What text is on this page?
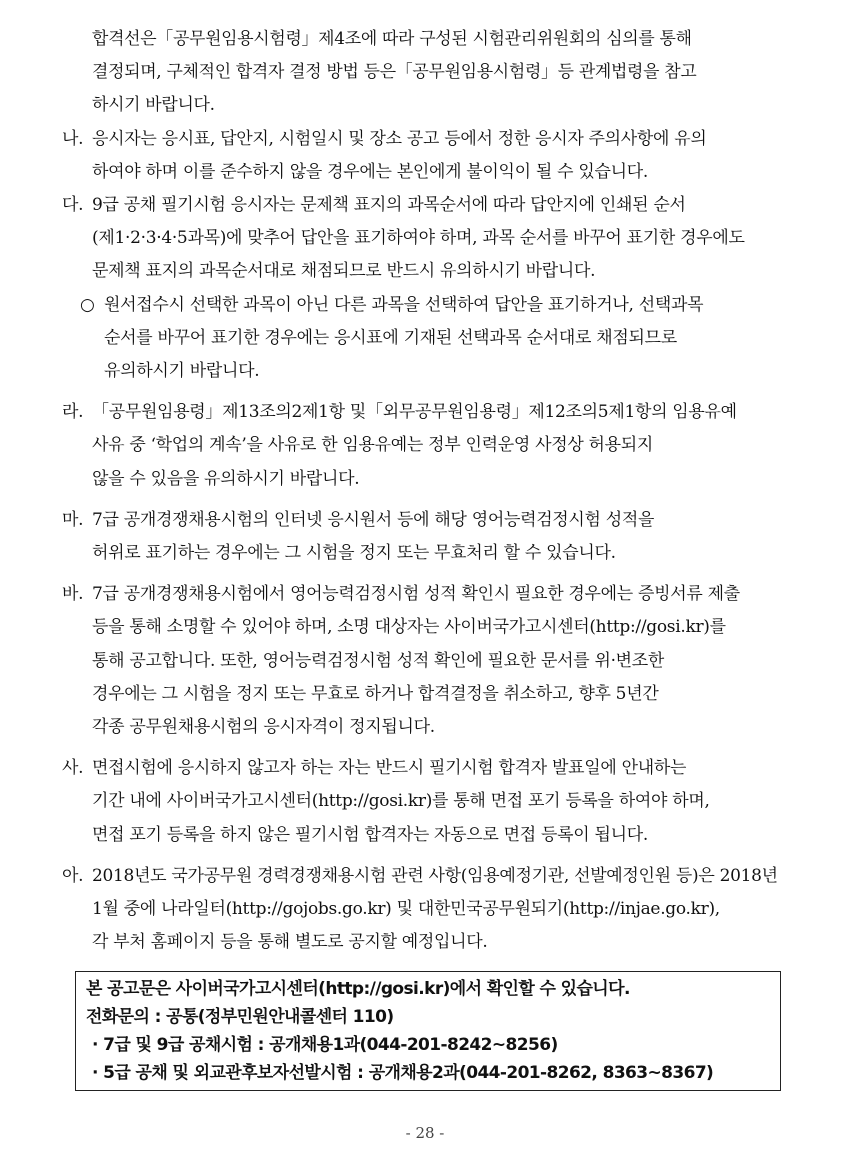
합격선은「공무원임용시험령」제4조에 따라 구성된 시험관리위원회의 심의를 통해
결정되며, 구체적인 합격자 결정 방법 등은「공무원임용시험령」등 관계법령을 참고
하시기 바랍니다.
나. 응시자는 응시표, 답안지, 시험일시 및 장소 공고 등에서 정한 응시자 주의사항에 유의
하여야 하며 이를 준수하지 않을 경우에는 본인에게 불이익이 될 수 있습니다.
다. 9급 공채 필기시험 응시자는 문제책 표지의 과목순서에 따라 답안지에 인쇄된 순서
(제1·2·3·4·5과목)에 맞추어 답안을 표기하여야 하며, 과목 순서를 바꾸어 표기한 경우에도
문제책 표지의 과목순서대로 채점되므로 반드시 유의하시기 바랍니다.
○ 원서접수시 선택한 과목이 아닌 다른 과목을 선택하여 답안을 표기하거나, 선택과목
순서를 바꾸어 표기한 경우에는 응시표에 기재된 선택과목 순서대로 채점되므로
유의하시기 바랍니다.
라. 「공무원임용령」제13조의2제1항 및「외무공무원임용령」제12조의5제1항의 임용유예
사유 중 ‘학업의 계속’을 사유로 한 임용유예는 정부 인력운영 사정상 허용되지
않을 수 있음을 유의하시기 바랍니다.
마. 7급 공개경쟁채용시험의 인터넷 응시원서 등에 해당 영어능력검정시험 성적을
허위로 표기하는 경우에는 그 시험을 정지 또는 무효처리 할 수 있습니다.
바. 7급 공개경쟁채용시험에서 영어능력검정시험 성적 확인시 필요한 경우에는 증빙서류 제출
등을 통해 소명할 수 있어야 하며, 소명 대상자는 사이버국가고시센터(http://gosi.kr)를
통해 공고합니다. 또한, 영어능력검정시험 성적 확인에 필요한 문서를 위·변조한
경우에는 그 시험을 정지 또는 무효로 하거나 합격결정을 취소하고, 향후 5년간
각종 공무원채용시험의 응시자격이 정지됩니다.
사. 면접시험에 응시하지 않고자 하는 자는 반드시 필기시험 합격자 발표일에 안내하는
기간 내에 사이버국가고시센터(http://gosi.kr)를 통해 면접 포기 등록을 하여야 하며,
면접 포기 등록을 하지 않은 필기시험 합격자는 자동으로 면접 등록이 됩니다.
아. 2018년도 국가공무원 경력경쟁채용시험 관련 사항(임용예정기관, 선발예정인원 등)은 2018년
1월 중에 나라일터(http://gojobs.go.kr) 및 대한민국공무원되기(http://injae.go.kr),
각 부처 홈페이지 등을 통해 별도로 공지할 예정입니다.
본 공고문은 사이버국가고시센터(http://gosi.kr)에서 확인할 수 있습니다.
전화문의 : 공통(정부민원안내콜센터 110)
· 7급 및 9급 공채시험 : 공개채용1과(044-201-8242~8256)
· 5급 공채 및 외교관후보자선발시험 : 공개채용2과(044-201-8262, 8363~8367)
- 28 -
